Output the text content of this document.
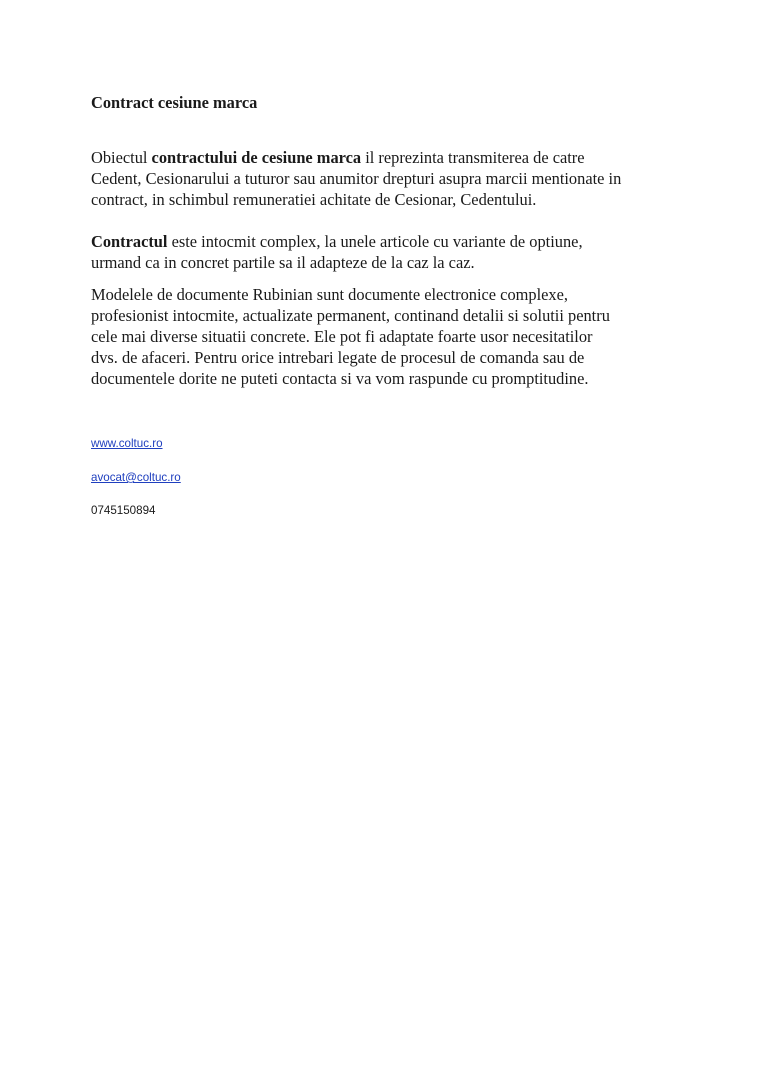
Contract cesiune marca

Obiectul contractului de cesiune marca il reprezinta transmiterea de catre
Cedent, Cesionarului a tuturor sau anumitor drepturi asupra marcii mentionate in
contract, in schimbul remuneratiei achitate de Cesionar, Cedentului.

Contractul este intocmit complex, la unele articole cu variante de optiune,
urmand ca in concret partile sa il adapteze de la caz la caz.

Modelele de documente Rubinian sunt documente electronice complexe,
profesionist intocmite, actualizate permanent, continand detalii si solutii pentru
cele mai diverse situatii concrete. Ele pot fi adaptate foarte usor necesitatilor
dvs. de afaceri. Pentru orice intrebari legate de procesul de comanda sau de
documentele dorite ne puteti contacta si va vom raspunde cu promptitudine.

www.coltuc.ro
avocat@coltuc.ro
0745150894
